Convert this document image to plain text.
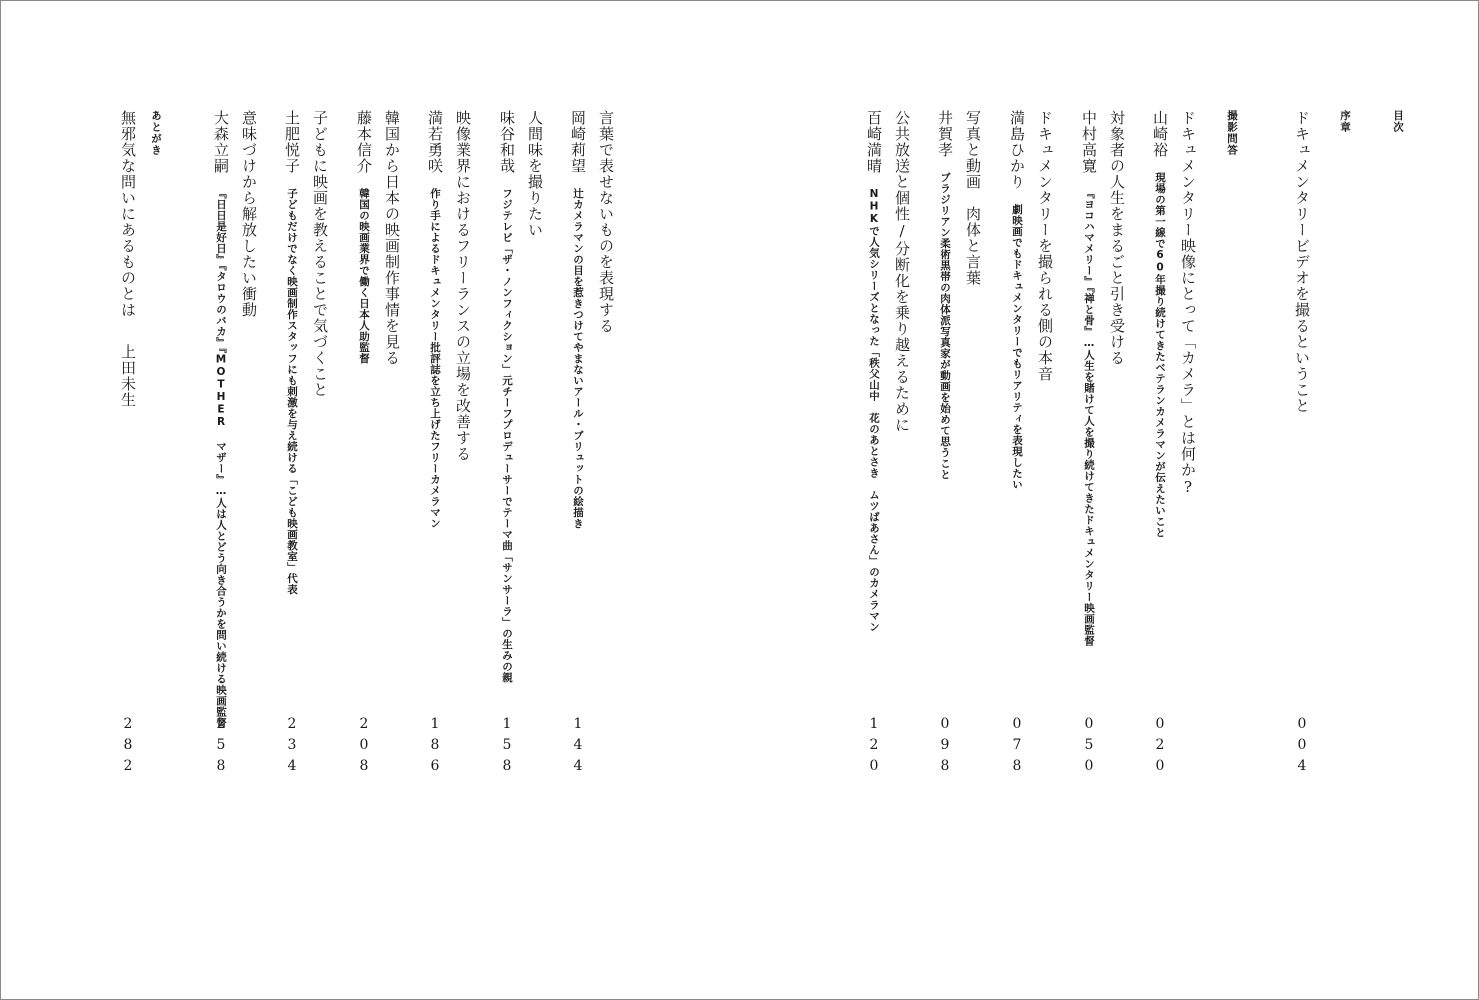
目次
序章
ドキュメンタリービデオを撮るということ
004
撮影問答
ドキュメンタリー映像にとって「カメラ」とは何か?
山崎裕現場の第一線で60年撮り続けてきたベテランカメラマンが伝えたいこと
020
対象者の人生をまるごと引き受ける
中村高寛『ヨコハマメリー』『禅と骨』…人生を賭けて人を撮り続けてきたドキュメンタリー映画監督
050
ドキュメンタリーを撮られる側の本音
満島ひかり劇映画でもドキュメンタリーでもリアリティを表現したい
078
写真と動画　肉体と言葉
井賀孝ブラジリアン柔術黒帯の肉体派写真家が動画を始めて思うこと
098
公共放送と個性/分断化を乗り越えるために
百崎満晴NHKで人気シリーズとなった「秩父山中　花のあとさき　ムツばあさん」のカメラマン
120
言葉で表せないものを表現する
岡崎莉望辻カメラマンの目を惹きつけてやまないアール・ブリュットの絵描き
144
人間味を撮りたい
味谷和哉フジテレビ「ザ・ノンフィクション」元チーフプロデューサーでテーマ曲「サンサーラ」の生みの親
158
映像業界におけるフリーランスの立場を改善する
満若勇咲作り手によるドキュメンタリー批評誌を立ち上げたフリーカメラマン
186
韓国から日本の映画制作事情を見る
藤本信介韓国の映画業界で働く日本人助監督
208
子どもに映画を教えることで気づくこと
土肥悦子子どもだけでなく映画制作スタッフにも刺激を与え続ける「こども映画教室」代表
234
意味づけから解放したい衝動
大森立嗣『日日是好日』『タロウのバカ』『MOTHER マザー』…人は人とどう向き合うかを問い続ける映画監督
258
あとがき
無邪気な問いにあるものとは上田未生
282
